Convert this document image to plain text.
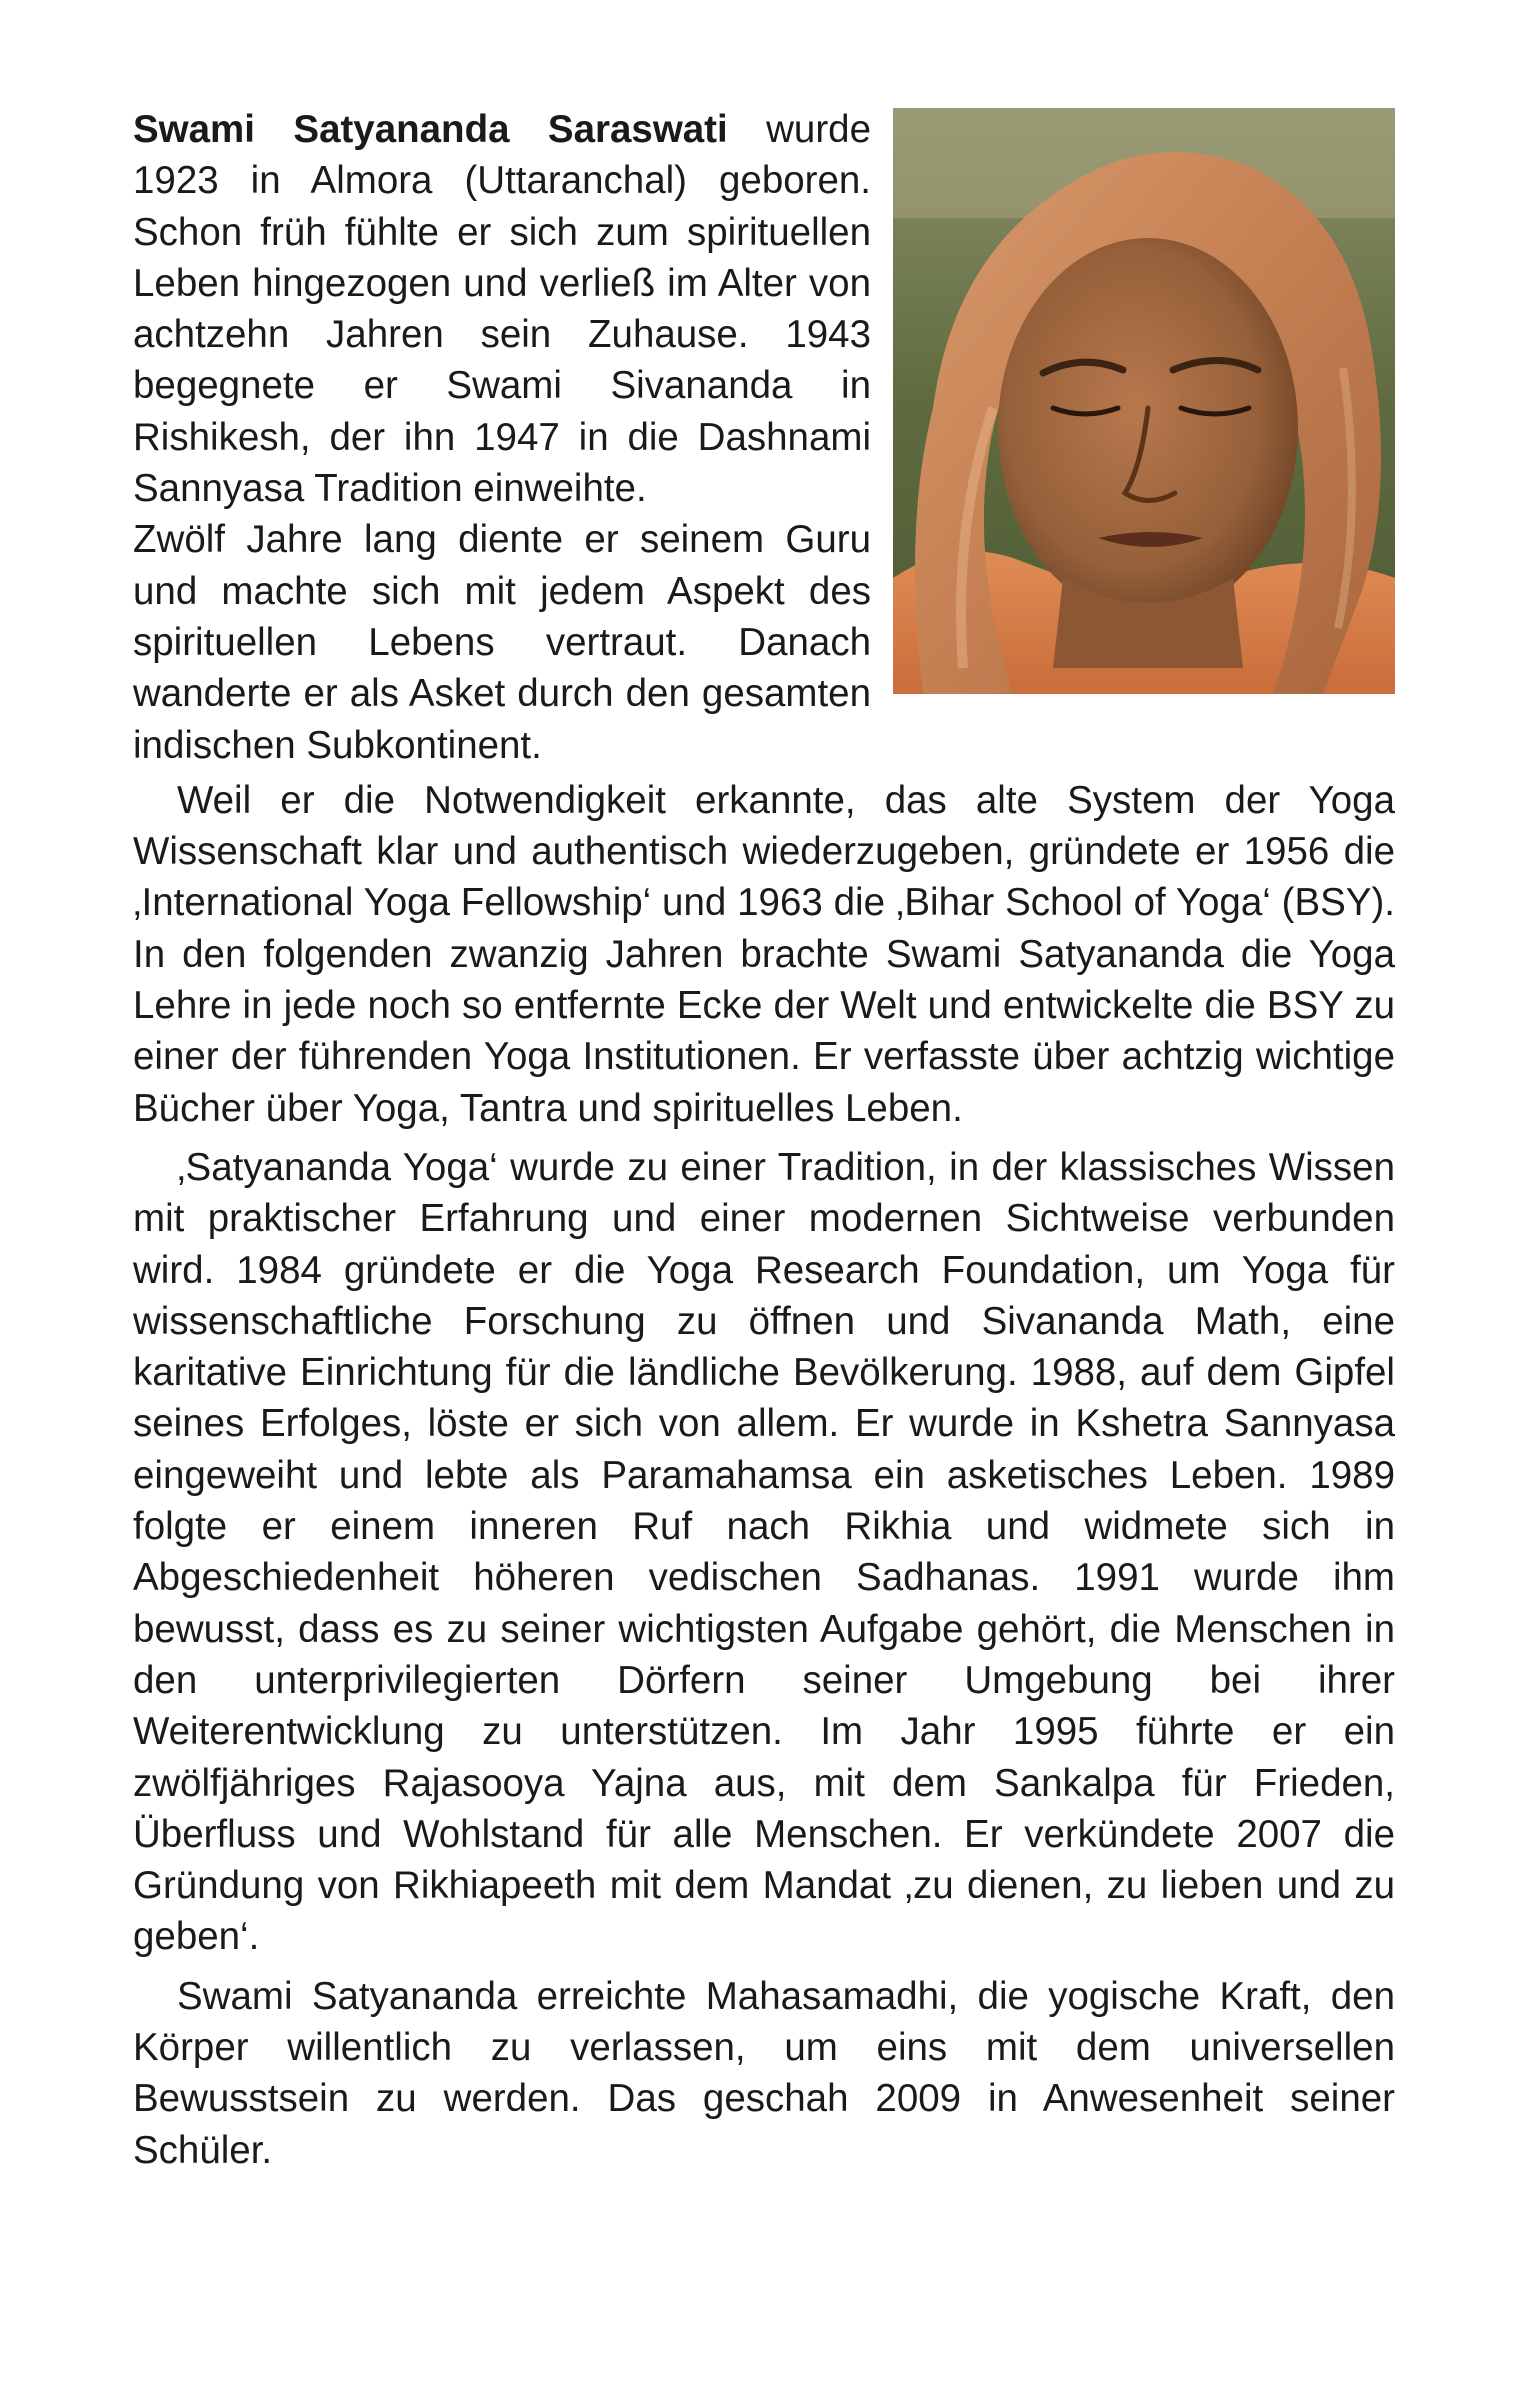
Swami Satyananda Saraswati wurde 1923 in Almora (Uttaranchal) geboren. Schon früh fühlte er sich zum spirituellen Leben hingezogen und verließ im Alter von achtzehn Jahren sein Zuhause. 1943 begegnete er Swami Sivananda in Rishikesh, der ihn 1947 in die Dashnami Sannyasa Tradition einweihte.

Zwölf Jahre lang diente er seinem Guru und machte sich mit jedem Aspekt des spirituellen Lebens vertraut. Danach wanderte er als Asket durch den gesamten indischen Subkontinent.

Weil er die Notwendigkeit erkannte, das alte System der Yoga Wissenschaft klar und authentisch wiederzugeben, gründete er 1956 die ‚International Yoga Fellowship‘ und 1963 die ‚Bihar School of Yoga‘ (BSY). In den folgenden zwanzig Jahren brachte Swami Satyananda die Yoga Lehre in jede noch so entfernte Ecke der Welt und entwickelte die BSY zu einer der führenden Yoga Institutionen. Er verfasste über achtzig wichtige Bücher über Yoga, Tantra und spirituelles Leben.

‚Satyananda Yoga‘ wurde zu einer Tradition, in der klassisches Wissen mit praktischer Erfahrung und einer modernen Sichtweise verbunden wird. 1984 gründete er die Yoga Research Foundation, um Yoga für wissenschaftliche Forschung zu öffnen und Sivananda Math, eine karitative Einrichtung für die ländliche Bevölkerung. 1988, auf dem Gipfel seines Erfolges, löste er sich von allem. Er wurde in Kshetra Sannyasa eingeweiht und lebte als Paramahamsa ein asketisches Leben. 1989 folgte er einem inneren Ruf nach Rikhia und widmete sich in Abgeschiedenheit höheren vedischen Sadhanas. 1991 wurde ihm bewusst, dass es zu seiner wichtigsten Aufgabe gehört, die Menschen in den unterprivilegierten Dörfern seiner Umgebung bei ihrer Weiterentwicklung zu unterstützen. Im Jahr 1995 führte er ein zwölfjähriges Rajasooya Yajna aus, mit dem Sankalpa für Frieden, Überfluss und Wohlstand für alle Menschen. Er verkündete 2007 die Gründung von Rikhiapeeth mit dem Mandat ‚zu dienen, zu lieben und zu geben‘.

Swami Satyananda erreichte Mahasamadhi, die yogische Kraft, den Körper willentlich zu verlassen, um eins mit dem universellen Bewusstsein zu werden. Das geschah 2009 in Anwesenheit seiner Schüler.
